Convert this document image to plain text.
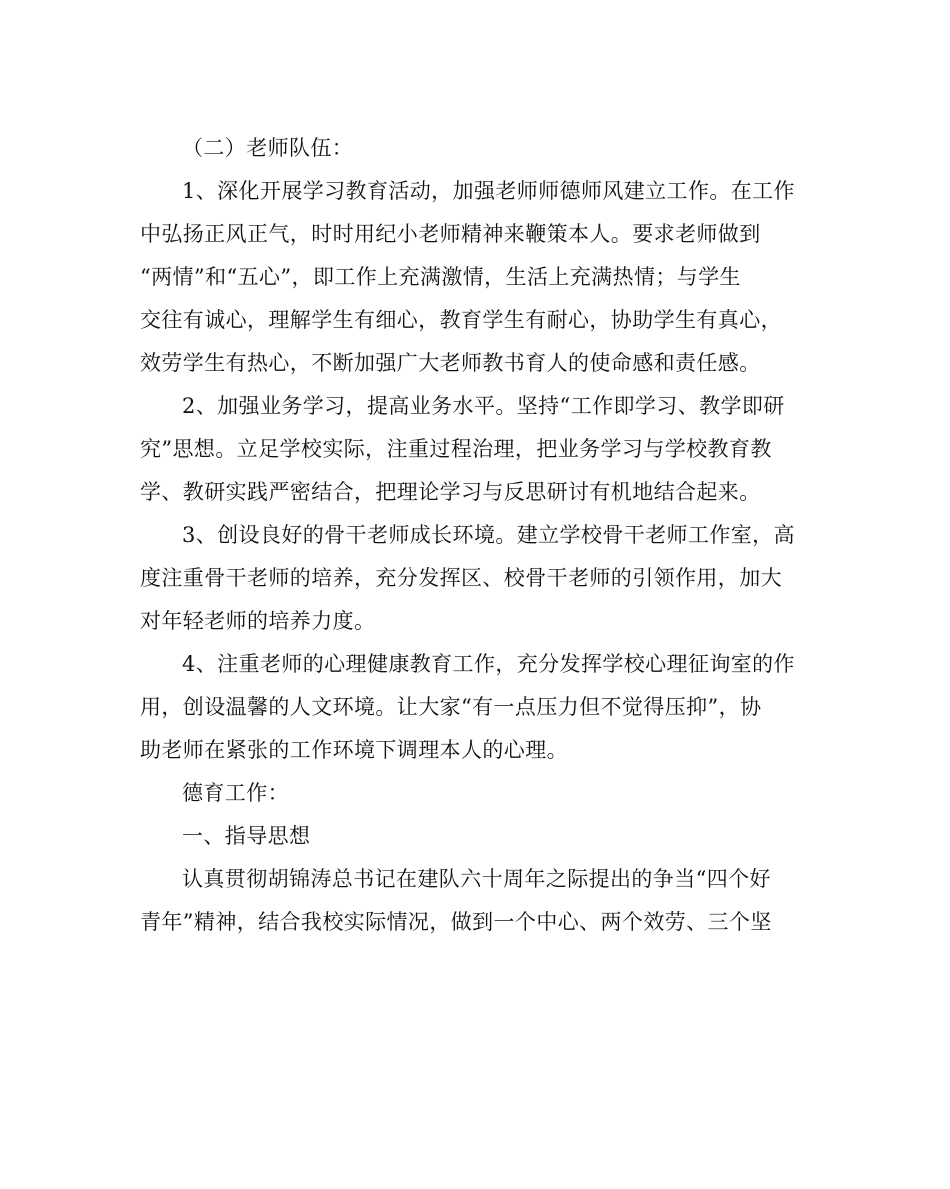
（二）老师队伍：
1、深化开展学习教育活动，加强老师师德师风建立工作。在工作
中弘扬正风正气，时时用纪小老师精神来鞭策本人。要求老师做到
“两情”和“五心”，即工作上充满激情，生活上充满热情；与学生
交往有诚心，理解学生有细心，教育学生有耐心，协助学生有真心，
效劳学生有热心，不断加强广大老师教书育人的使命感和责任感。
2、加强业务学习，提高业务水平。坚持“工作即学习、教学即研
究”思想。立足学校实际，注重过程治理，把业务学习与学校教育教
学、教研实践严密结合，把理论学习与反思研讨有机地结合起来。
3、创设良好的骨干老师成长环境。建立学校骨干老师工作室，高
度注重骨干老师的培养，充分发挥区、校骨干老师的引领作用，加大
对年轻老师的培养力度。
4、注重老师的心理健康教育工作，充分发挥学校心理征询室的作
用，创设温馨的人文环境。让大家“有一点压力但不觉得压抑”，协
助老师在紧张的工作环境下调理本人的心理。
德育工作：
一、指导思想
认真贯彻胡锦涛总书记在建队六十周年之际提出的争当“四个好
青年”精神，结合我校实际情况，做到一个中心、两个效劳、三个坚
